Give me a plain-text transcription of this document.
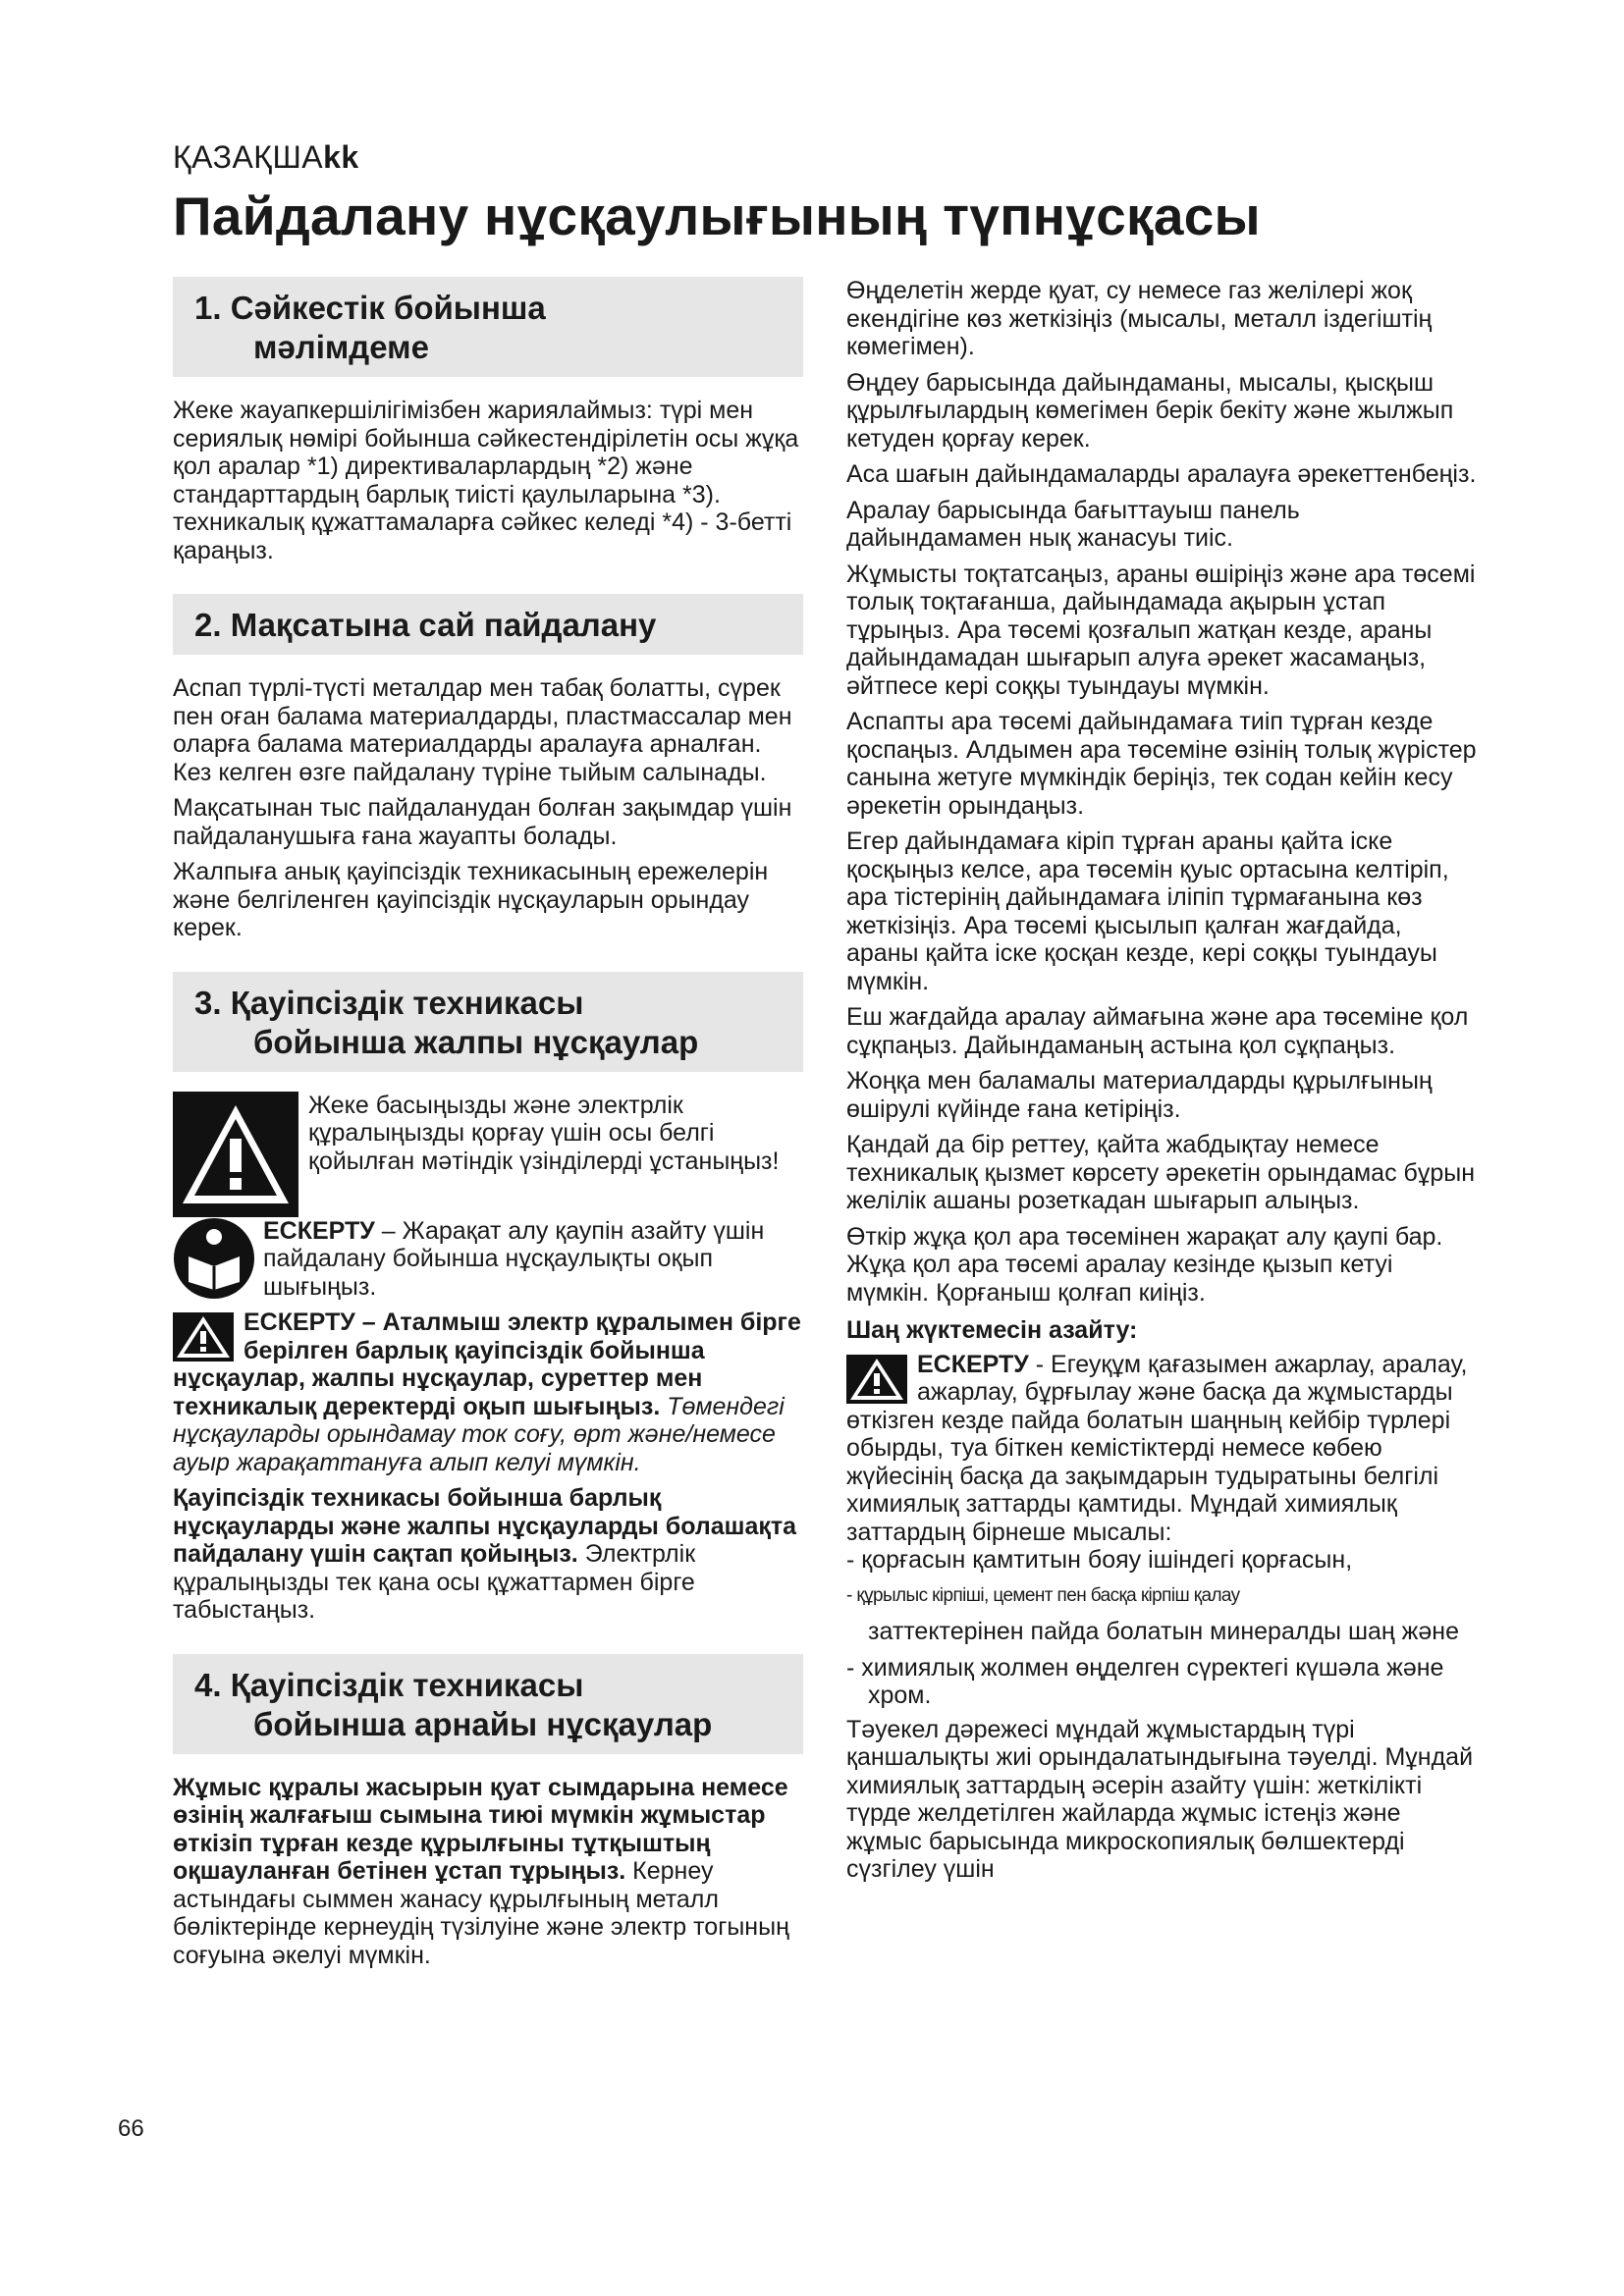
ҚАЗАҚШАkk
Пайдалану нұсқаулығының түпнұсқасы
1. Сәйкестік бойынша
мәлімдеме

Жеке жауапкершілігімізбен жариялаймыз: түрі мен сериялық нөмірі бойынша сәйкестендірілетін осы жұқа қол аралар *1) директиваларлардың *2) және стандарттардың барлық тиісті қаулыларына *3). техникалық құжаттамаларға сәйкес келеді *4) - 3-бетті қараңыз.

2. Мақсатына сай пайдалану

Аспап түрлі-түсті металдар мен табақ болатты, сүрек пен оған балама материалдарды, пластмассалар мен оларға балама материалдарды аралауға арналған. Кез келген өзге пайдалану түріне тыйым салынады.

Мақсатынан тыс пайдаланудан болған зақымдар үшін пайдаланушыға ғана жауапты болады.

Жалпыға анық қауіпсіздік техникасының ережелерін және белгіленген қауіпсіздік нұсқауларын орындау керек.

3. Қауіпсіздік техникасы
бойынша жалпы нұсқаулар

Жеке басыңызды және электрлік құралыңызды қорғау үшін осы белгі қойылған мәтіндік үзінділерді ұстаныңыз!

ЕСКЕРТУ – Жарақат алу қаупін азайту үшін пайдалану бойынша нұсқаулықты оқып шығыңыз.

ЕСКЕРТУ – Аталмыш электр құралымен бірге берілген барлық қауіпсіздік бойынша нұсқаулар, жалпы нұсқаулар, суреттер мен техникалық деректерді оқып шығыңыз. Төмендегі нұсқауларды орындамау ток соғу, өрт және/немесе ауыр жарақаттануға алып келуі мүмкін.

Қауіпсіздік техникасы бойынша барлық нұсқауларды және жалпы нұсқауларды болашақта пайдалану үшін сақтап қойыңыз. Электрлік құралыңызды тек қана осы құжаттармен бірге табыстаңыз.

4. Қауіпсіздік техникасы
бойынша арнайы нұсқаулар

Жұмыс құралы жасырын қуат сымдарына немесе өзінің жалғағыш сымына тиюі мүмкін жұмыстар өткізіп тұрған кезде құрылғыны тұтқыштың оқшауланған бетінен ұстап тұрыңыз. Кернеу астындағы сыммен жанасу құрылғының металл бөліктерінде кернеудің түзілуіне және электр тогының соғуына әкелуі мүмкін.

Өңделетін жерде қуат, су немесе газ желілері жоқ екендігіне көз жеткізіңіз (мысалы, металл іздегіштің көмегімен).

Өңдеу барысында дайындаманы, мысалы, қысқыш құрылғылардың көмегімен берік бекіту және жылжып кетуден қорғау керек.

Аса шағын дайындамаларды аралауға әрекеттенбеңіз.

Аралау барысында бағыттауыш панель дайындамамен нық жанасуы тиіс.

Жұмысты тоқтатсаңыз, араны өшіріңіз және ара төсемі толық тоқтағанша, дайындамада ақырын ұстап тұрыңыз. Ара төсемі қозғалып жатқан кезде, араны дайындамадан шығарып алуға әрекет жасамаңыз, әйтпесе кері соққы туындауы мүмкін.

Аспапты ара төсемі дайындамаға тиіп тұрған кезде қоспаңыз. Алдымен ара төсеміне өзінің толық жүрістер санына жетуге мүмкіндік беріңіз, тек содан кейін кесу әрекетін орындаңыз.

Егер дайындамаға кіріп тұрған араны қайта іске қосқыңыз келсе, ара төсемін қуыс ортасына келтіріп, ара тістерінің дайындамаға іліпіп тұрмағанына көз жеткізіңіз. Ара төсемі қысылып қалған жағдайда, араны қайта іске қосқан кезде, кері соққы туындауы мүмкін.

Еш жағдайда аралау аймағына және ара төсеміне қол сұқпаңыз. Дайындаманың астына қол сұқпаңыз.

Жоңқа мен баламалы материалдарды құрылғының өшірулі күйінде ғана кетіріңіз.

Қандай да бір реттеу, қайта жабдықтау немесе техникалық қызмет көрсету әрекетін орындамас бұрын желілік ашаны розеткадан шығарып алыңыз.

Өткір жұқа қол ара төсемінен жарақат алу қаупі бар. Жұқа қол ара төсемі аралау кезінде қызып кетуі мүмкін. Қорғаныш қолғап киіңіз.

Шаң жүктемесін азайту:

ЕСКЕРТУ - Егеуқұм қағазымен ажарлау, аралау, ажарлау, бұрғылау және басқа да жұмыстарды өткізген кезде пайда болатын шаңның кейбір түрлері обырды, туа біткен кемістіктерді немесе көбею жүйесінің басқа да зақымдарын тудыратыны белгілі химиялық заттарды қамтиды. Мұндай химиялық заттардың бірнеше мысалы:

- қорғасын қамтитын бояу ішіндегі қорғасын,

- құрылыс кірпіші, цемент пен басқа кірпіш қалау

заттектерінен пайда болатын минералды шаң және

- химиялық жолмен өңделген сүректегі күшәла және хром.

Тәуекел дәрежесі мұндай жұмыстардың түрі қаншалықты жиі орындалатындығына тәуелді. Мұндай химиялық заттардың әсерін азайту үшін: жеткілікті түрде желдетілген жайларда жұмыс істеңіз және жұмыс барысында микроскопиялық бөлшектерді сүзгілеу үшін

66
